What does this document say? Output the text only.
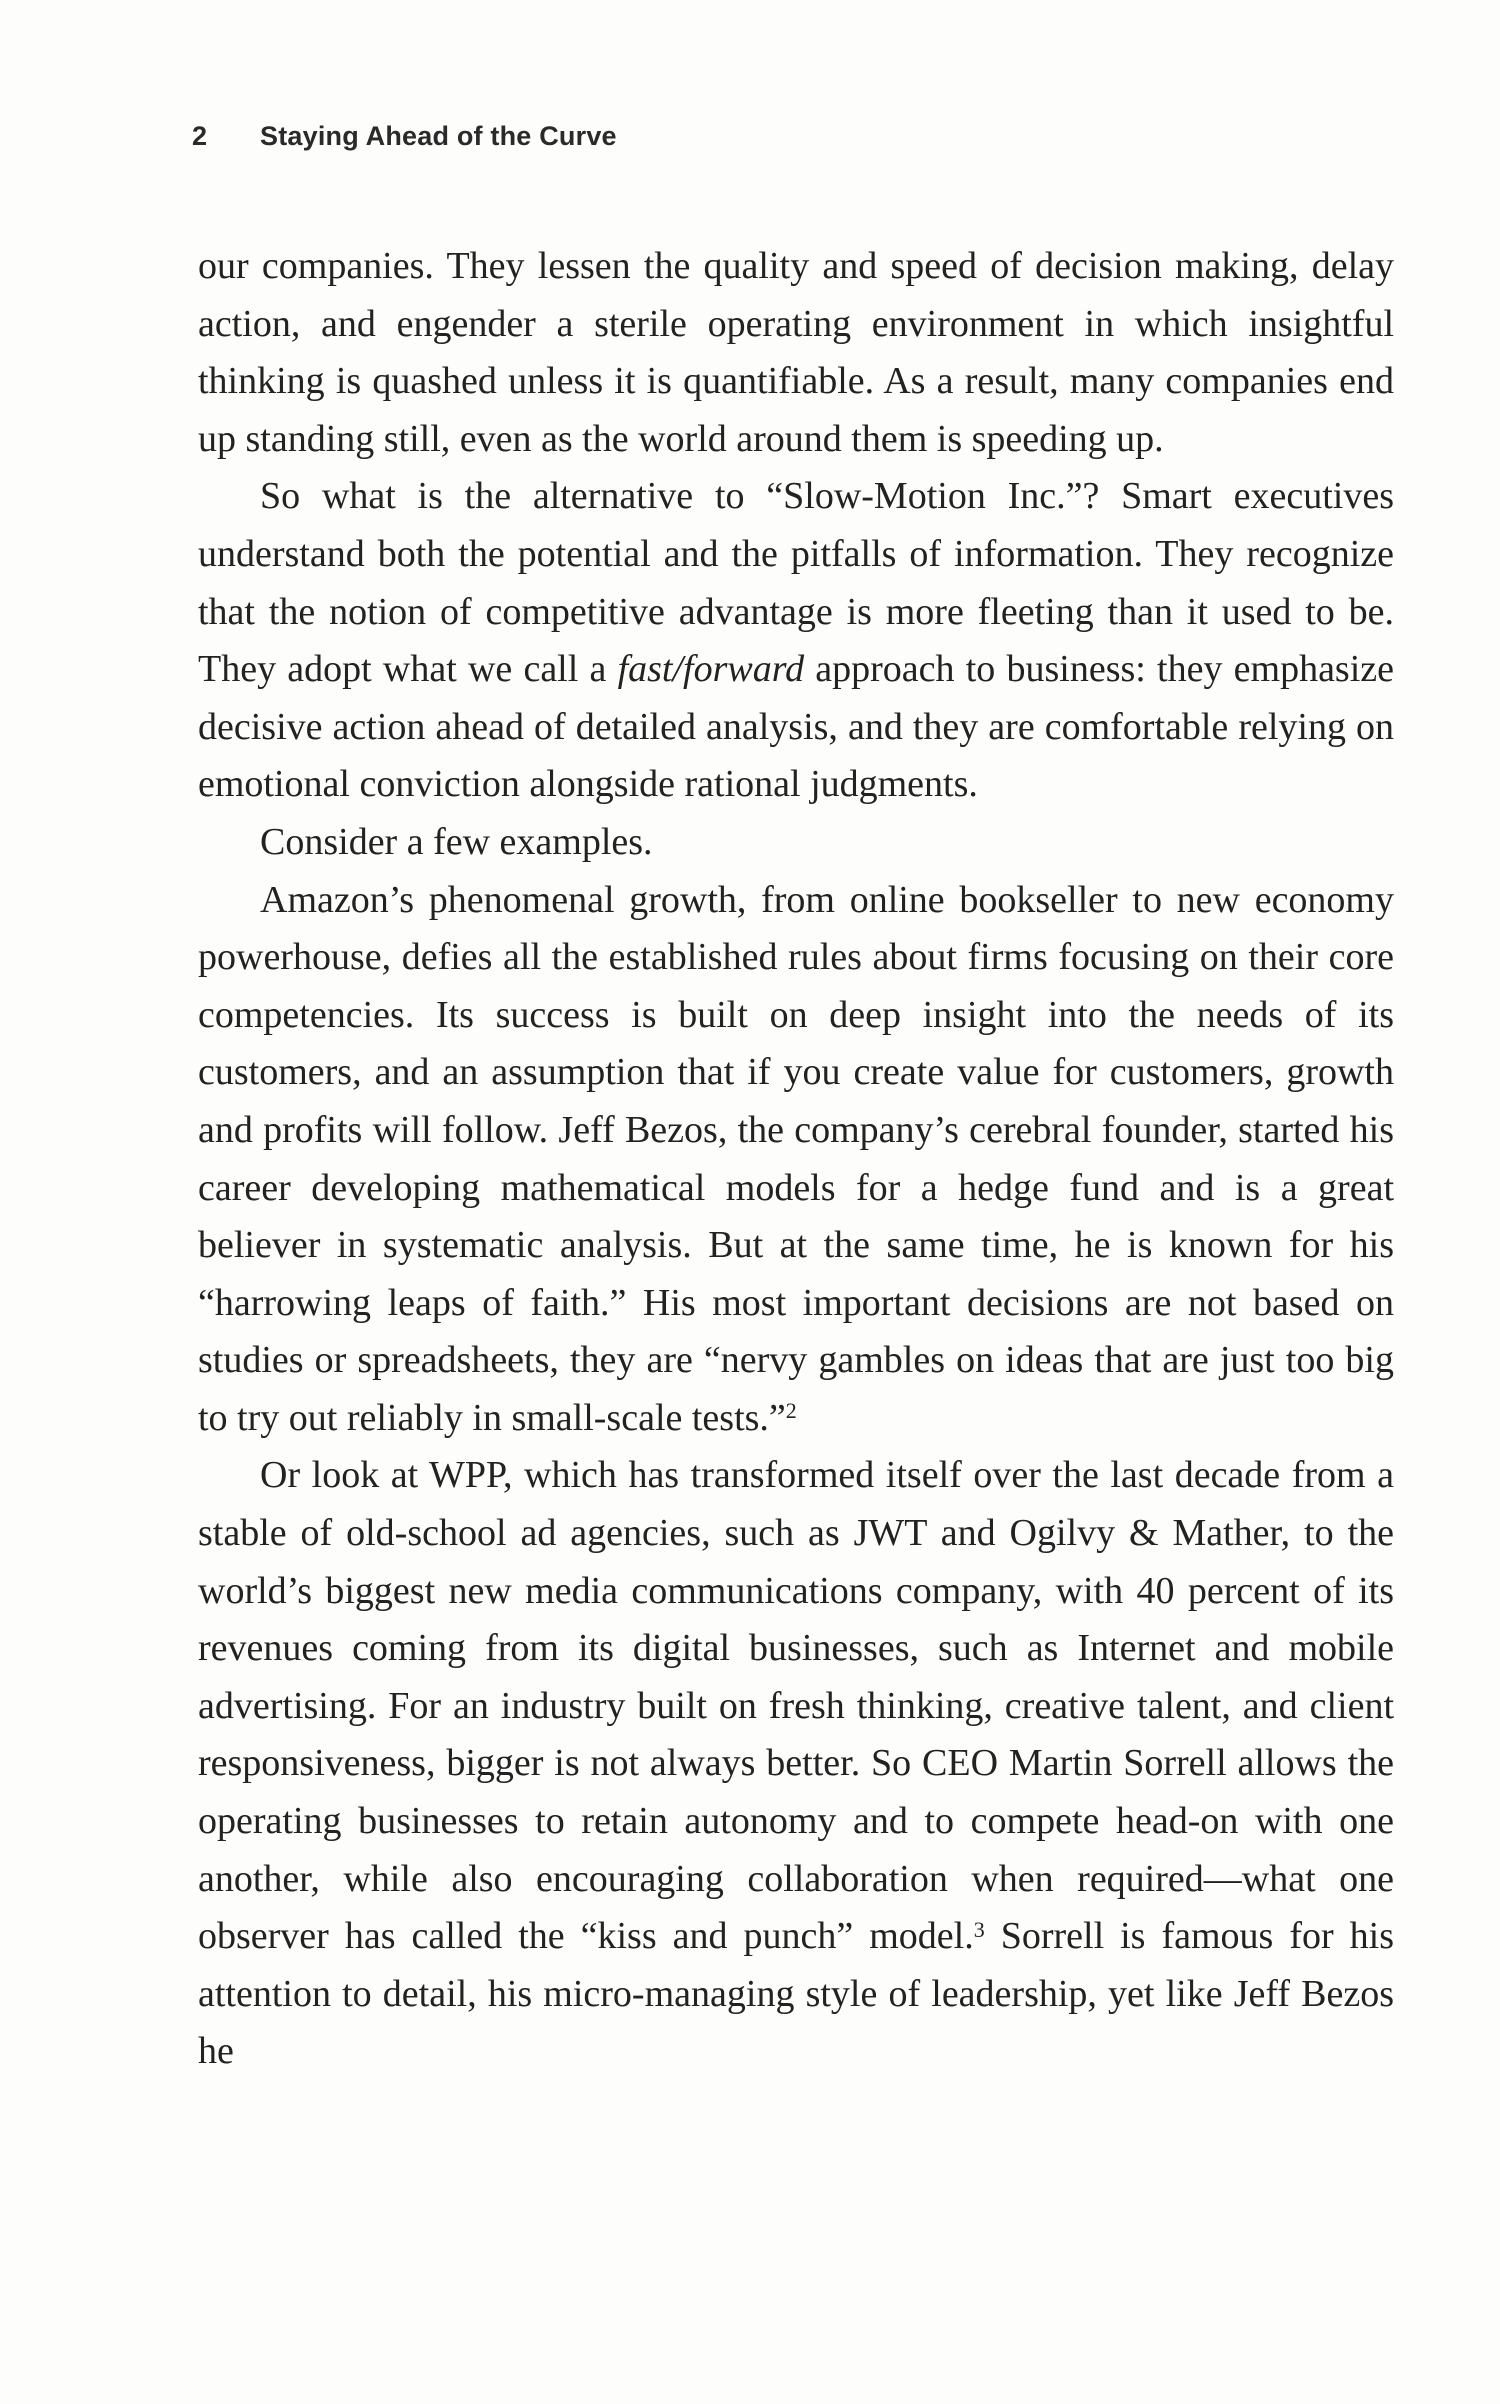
2	Staying Ahead of the Curve

our companies. They lessen the quality and speed of decision making, delay action, and engender a sterile operating environment in which insightful thinking is quashed unless it is quantifiable. As a result, many companies end up standing still, even as the world around them is speeding up.

So what is the alternative to “Slow-Motion Inc.”? Smart executives understand both the potential and the pitfalls of information. They recognize that the notion of competitive advantage is more fleeting than it used to be. They adopt what we call a fast/forward approach to business: they emphasize decisive action ahead of detailed analysis, and they are comfortable relying on emotional conviction alongside rational judgments.

Consider a few examples.

Amazon’s phenomenal growth, from online bookseller to new economy powerhouse, defies all the established rules about firms focusing on their core competencies. Its success is built on deep insight into the needs of its customers, and an assumption that if you create value for customers, growth and profits will follow. Jeff Bezos, the company’s cerebral founder, started his career developing mathematical models for a hedge fund and is a great believer in systematic analysis. But at the same time, he is known for his “harrowing leaps of faith.” His most important decisions are not based on studies or spreadsheets, they are “nervy gambles on ideas that are just too big to try out reliably in small-scale tests.”$^2$

Or look at WPP, which has transformed itself over the last decade from a stable of old-school ad agencies, such as JWT and Ogilvy & Mather, to the world’s biggest new media communications company, with 40 percent of its revenues coming from its digital businesses, such as Internet and mobile advertising. For an industry built on fresh thinking, creative talent, and client responsiveness, bigger is not always better. So CEO Martin Sorrell allows the operating businesses to retain autonomy and to compete head-on with one another, while also encouraging collaboration when required—what one observer has called the “kiss and punch” model.$^3$ Sorrell is famous for his attention to detail, his micro-managing style of leadership, yet like Jeff Bezos he
